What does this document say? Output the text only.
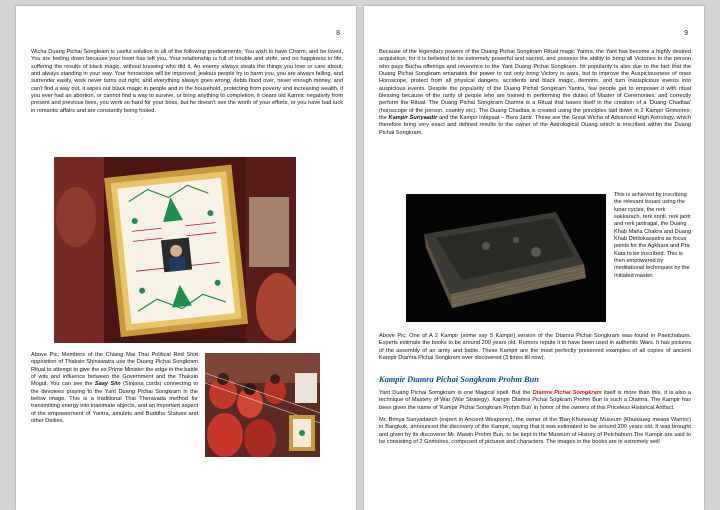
8
Wicha Duang Pichai Songkram is useful solution to all of the following predicaments; You wish to have Charm, and be loved, You are feeling down because your lover has left you, Your relationship is full of trouble and strife, and no happiness in life, suffering the results of black magic, without knowing who did it, An enemy always steals the things you love or care about, and always standing in your way. Your horoscope will be improved, jealous people try to harm you, you are always failing, and surrender easily, work never turns out right, and everything always goes wrong, debts flood over, never enough money, and can't find a way out, it wipes out black magic in people and in the household, protecting from poverty and increasing wealth, if you ever had an abortion, or cannot find a way to survive, or bring anything to completion, it clears old Karmic negativity from present and previous lives, you work so hard for your boss, but he doesn't see the worth of your efforts, or you have bad luck in romantic affairs and are constantly being fooled.
Above Pic; Members of the Chiang Mai Thai Political Red Shirt opposition of Thaksin Shinawatra use the Duang Pichai Songkram Ritual to attempt to give the ex Prime Minister the edge in the battle of wits and influence between the Government and the Thaksin Mogul. You can see the Saay Siin (Sinjana cords) connecting to the devotees praying to the Yant Duang Pichai Songkram in the below image. This is a traditional Thai Theravada method for transmitting energy into inanimate objects, and an important aspect of the empowerment of Yantra, amulets and Buddha Statues and other Deities.
9
Because of the legendary powers of the Duang Pichai Songkram Ritual magic Yantra, the Yant has become a highly desired acquisition, for it is believed to be extremely powerful and sacred, and possess the ability to bring all Victories to the person who pays Bucha offerings and reverence to the Yant Duang Pichai Songkram. Its popularity is also due to the fact that the Duang Pichai Songkram emanates the power to not only bring Victory in wars, but to improve the Auspiciousness of ones Horoscope, protect from all physical dangers, accidents and black magic, demons, and turn inauspicious events into auspicious events. Despite the popularity of the Duang Pichai Songkram Yantra, few people get to empower it with ritual blessing because of the rarity of people who are trained in performing the duties of Master of Ceremonies, and correctly perform the Ritual. The Duang Pichai Songkram Dtamra is a Ritual that bases itself in the creation of a 'Duang Chadtaa' (horoscope of the person, country etc). The Duang Chadtaa is created using the principles laid down in 2 Kampir Grimoires; the Kampir Suriyaadtr and the Kampir Intapaat – Bara Jantr. These are the Great Wicha of Advanced High Astrology, which therefore bring very exact and defined results to the owner of the Astrological Duang which is inscribed within the Duang Pichai Songkram.
This is achieved by inscribing the relevant issues using the lunar cycles, the rerk sakkarach, rerk sonti, rerk jantr and rerk jantragal, the Duang Khab Maha Chakra and Duang Khab Dtriilokasastra as focus points for the Agkhara and Pra Kata to be inscribed. This is then empowered by meditational techniques by the Initiated master.
Above Pic; One of A 2 Kampir (some say 5 Kampir) version of the Dtamra Pichai Songkram was found in Paetchaburn. Experts estimate the books to be around 200 years old. Rumors repute it to have been used in authentic Wars. It has pictures of the assembly of an army and battle. These Kampir are the most perfectly preserved examples of all copies of ancient Kampir Dtamra Pichai Songkram ever discovered (3 times till now).
Kampir Dtamra Pichai Songkram Prohm Bun
Yant Duang Pichai Somgkram is one Magical spell. But the Dtamra Pichai Somgkram itself is more than this, it is also a technique of Mastery of War (War Strategy). Kampir Dtamra Pichai Sogkram Prohm Bun is such a Dtamra. The Kampir has been given the name of 'Kampir Pichai Songkram Prohm Bun' in honor of the owners of this Priceless Historical Artifact.
Mr. Brinya Sanyadaech (expert in Ancient Weaponry), the owner of the 'Ban Khunseug' Museum (Khunsueg means Warrior) in Bangkok, announced the discovery of the Kampir, saying that it was estimated to be around 200 years old. It was brought and given by its discoverer Mr. Mawin Prohm Bun, to be kept in the Museum of History of Petchaburn.The Kampir are said to be consisting of 2 Grimoires, composed of pictures and characters. The images in the books are in extremely well
